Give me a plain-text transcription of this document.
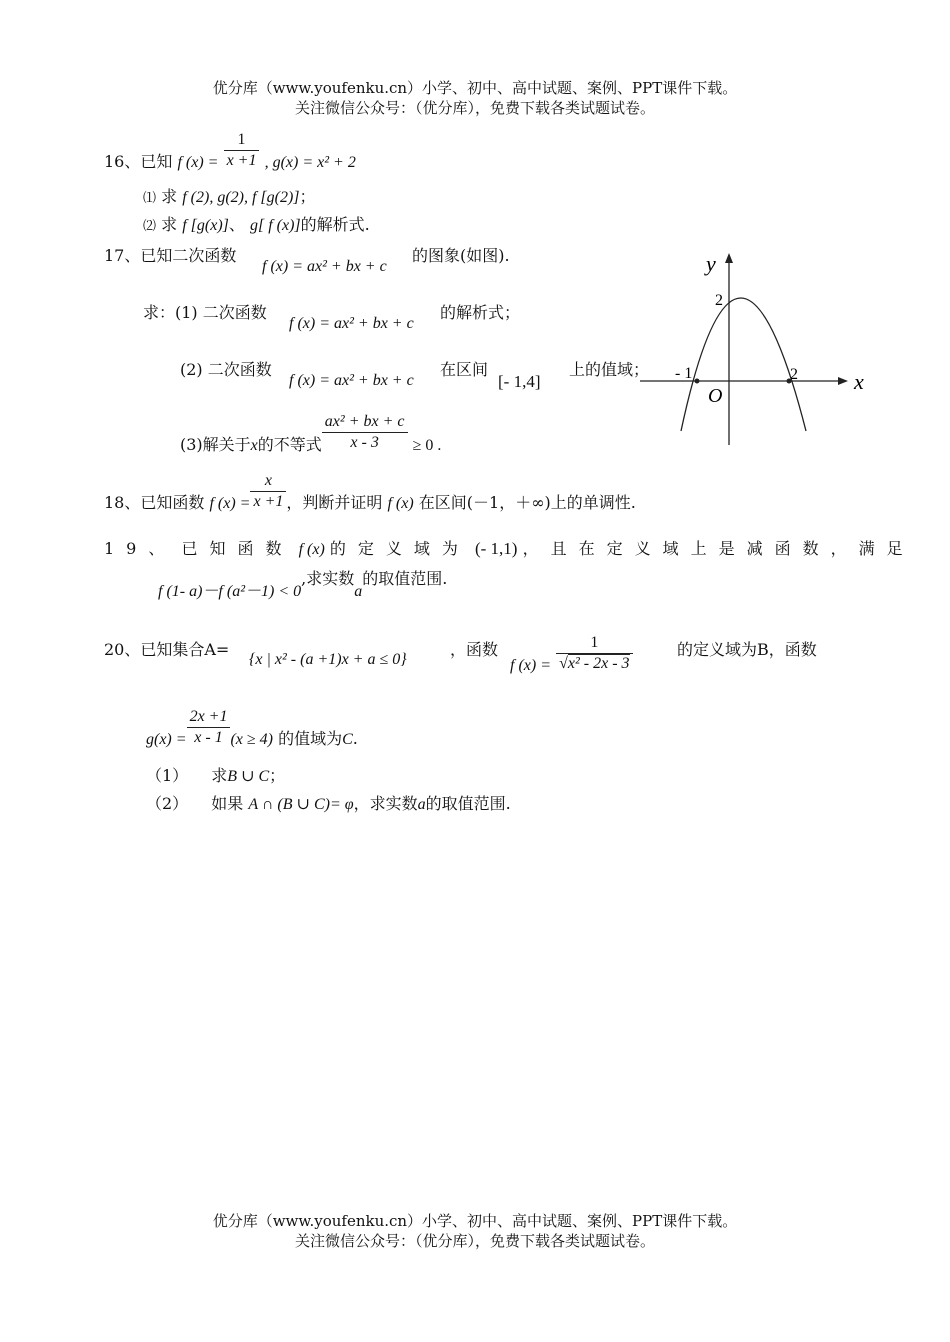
优分库（www.youfenku.cn）小学、初中、高中试题、案例、PPT课件下载。
关注微信公众号：（优分库），免费下载各类试题试卷。
16、已知 f $(x) = \frac{1}{x +1}$ , g(x) = x² + 2
⑴ 求 f (2), g(2), f [g(2)]；
⑵ 求 f [g(x)]、 g[ f (x)]的解析式.
17、已知二次函数
f (x) = ax² + bx + c
的图象(如图).
求：(1) 二次函数
f (x) = ax² + bx + c
的解析式；
(2) 二次函数
f (x) = ax² + bx + c
在区间
[- 1,4]
上的值域；
(3)解关于x的不等式 $\frac{\text{ax² + bx + c}}{x - 3} \ge 0$ .
y
x
O
2
- 1	2
18、已知函数 f $(x) = \frac{x}{x +1}$ ，判断并证明 f (x) 在区间(－1，＋∞)上的单调性.
19、 已知函数 f (x) 的定义域为 (- 1,1) ，且在定义域上是减函数，满足
f (1- a)－f (a²－1) < 0,求实数a的取值范围.
20、已知集合A=
{x | x² - (a +1)x + a ≤ 0}
，函数
f $(x) = \frac{1}{\text{√x² - 2x - 3}}$	的定义域为B，函数
$g(x) = \frac{2x +1}{x - 1} (x \ge 4)$ 的值域为C.
（1） 求B ∪ C；
（2） 如果 A ∩ (B ∪ C)= φ，求实数a的取值范围.
优分库（www.youfenku.cn）小学、初中、高中试题、案例、PPT课件下载。
关注微信公众号：（优分库），免费下载各类试题试卷。
